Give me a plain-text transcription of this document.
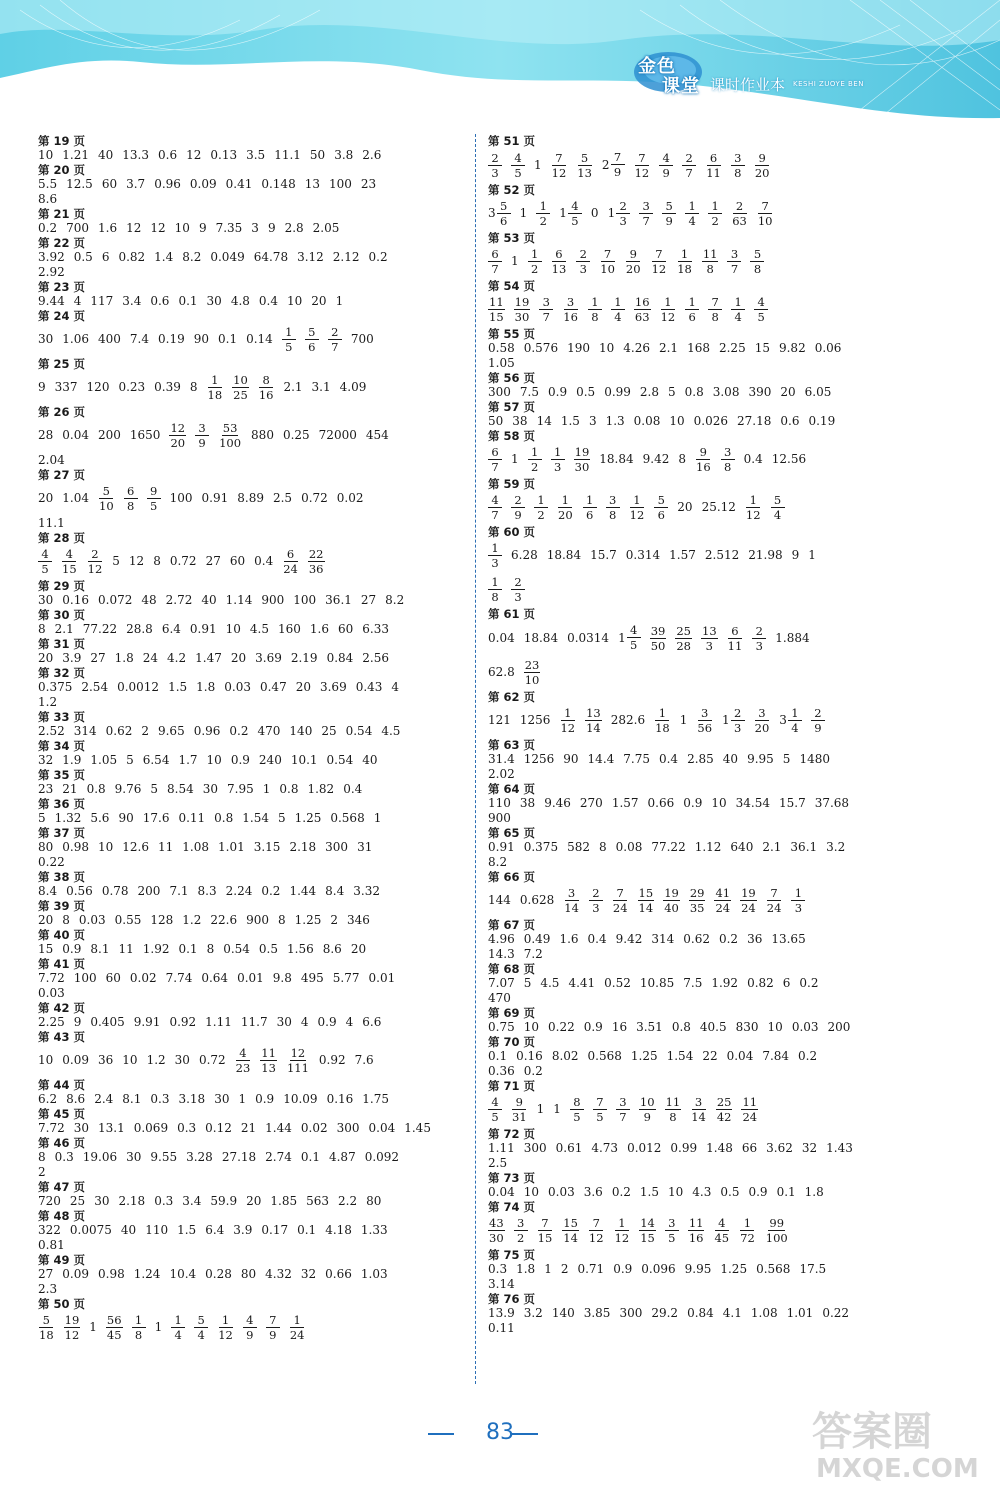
金色
课堂 课时作业本 KESHI ZUOYE BEN
第 19 页
10 1.21 40 13.3 0.6 12 0.13 3.5 11.1 50 3.8 2.6
第 20 页
5.5 12.5 60 3.7 0.96 0.09 0.41 0.148 13 100 23
8.6
第 21 页
0.2 700 1.6 12 12 10 9 7.35 3 9 2.8 2.05
第 22 页
3.92 0.5 6 0.82 1.4 8.2 0.049 64.78 3.12 2.12 0.2
2.92
第 23 页
9.44 4 117 3.4 0.6 0.1 30 4.8 0.4 10 20 1
第 24 页
30 1.06 400 7.4 0.19 90 0.1 $0.14 \frac{1}{5} \frac{5}{6} \frac{2}{7} 700$
第 25 页
9 337 120 0.23 0.39 $8 \frac{1}{18} \frac{10}{25} \frac{8}{16} 2.1$ 3.1 4.09
第 26 页
28 0.04 200 $1650 \frac{12}{20} \frac{3}{9} \frac{53}{100} 880$ 0.25 72000 454
2.04
第 27 页
20 $1.04 \frac{5}{10} \frac{6}{8} \frac{9}{5} 100$ 0.91 8.89 2.5 0.72 0.02
11.1
第 28 页
$\frac{4}{5} \frac{4}{15} \frac{2}{12} 5$ 12 8 0.72 27 60 $0.4 \frac{6}{24} \frac{22}{36}$
第 29 页
30 0.16 0.072 48 2.72 40 1.14 900 100 36.1 27 8.2
第 30 页
8 2.1 77.22 28.8 6.4 0.91 10 4.5 160 1.6 60 6.33
第 31 页
20 3.9 27 1.8 24 4.2 1.47 20 3.69 2.19 0.84 2.56
第 32 页
0.375 2.54 0.0012 1.5 1.8 0.03 0.47 20 3.69 0.43 4
1.2
第 33 页
2.52 314 0.62 2 9.65 0.96 0.2 470 140 25 0.54 4.5
第 34 页
32 1.9 1.05 5 6.54 1.7 10 0.9 240 10.1 0.54 40
第 35 页
23 21 0.8 9.76 5 8.54 30 7.95 1 0.8 1.82 0.4
第 36 页
5 1.32 5.6 90 17.6 0.11 0.8 1.54 5 1.25 0.568 1
第 37 页
80 0.98 10 12.6 11 1.08 1.01 3.15 2.18 300 31
0.22
第 38 页
8.4 0.56 0.78 200 7.1 8.3 2.24 0.2 1.44 8.4 3.32
第 39 页
20 8 0.03 0.55 128 1.2 22.6 900 8 1.25 2 346
第 40 页
15 0.9 8.1 11 1.92 0.1 8 0.54 0.5 1.56 8.6 20
第 41 页
7.72 100 60 0.02 7.74 0.64 0.01 9.8 495 5.77 0.01
0.03
第 42 页
2.25 9 0.405 9.91 0.92 1.11 11.7 30 4 0.9 4 6.6
第 43 页
10 0.09 36 10 1.2 30 $0.72 \frac{4}{23} \frac{11}{13} \frac{12}{111} 0.92$ 7.6
第 44 页
6.2 8.6 2.4 8.1 0.3 3.18 30 1 0.9 10.09 0.16 1.75
第 45 页
7.72 30 13.1 0.069 0.3 0.12 21 1.44 0.02 300 0.04 1.45
第 46 页
8 0.3 19.06 30 9.55 3.28 27.18 2.74 0.1 4.87 0.092
2
第 47 页
720 25 30 2.18 0.3 3.4 59.9 20 1.85 563 2.2 80
第 48 页
322 0.0075 40 110 1.5 6.4 3.9 0.17 0.1 4.18 1.33
0.81
第 49 页
27 0.09 0.98 1.24 10.4 0.28 80 4.32 32 0.66 1.03
2.3
第 50 页
$\frac{5}{18} \frac{19}{12} 1 \frac{56}{45} \frac{1}{8} 1 \frac{1}{4} \frac{5}{4} \frac{1}{12} \frac{4}{9} \frac{7}{9} \frac{1}{24}$
第 51 页
$\frac{2}{3} \frac{4}{5} 1 \frac{7}{12} \frac{5}{13} 2 \frac{7}{9} \frac{7}{12} \frac{4}{9} \frac{2}{7} \frac{6}{11} \frac{3}{8} \frac{9}{20}$
第 52 页
$3 \frac{5}{6} 1 \frac{1}{2} 1 \frac{4}{5} 0$ $1 \frac{2}{3} \frac{3}{7} \frac{5}{9} \frac{1}{4} \frac{1}{2} \frac{2}{63} \frac{7}{10}$
第 53 页
$\frac{6}{7} 1 \frac{1}{2} \frac{6}{13} \frac{2}{3} \frac{7}{10} \frac{9}{20} \frac{7}{12} \frac{1}{18} \frac{11}{8} \frac{3}{7} \frac{5}{8}$
第 54 页
$\frac{11}{15} \frac{19}{30} \frac{3}{7} \frac{3}{16} \frac{1}{8} \frac{1}{4} \frac{16}{63} \frac{1}{12} \frac{1}{6} \frac{7}{8} \frac{1}{4} \frac{4}{5}$
第 55 页
0.58 0.576 190 10 4.26 2.1 168 2.25 15 9.82 0.06
1.05
第 56 页
300 7.5 0.9 0.5 0.99 2.8 5 0.8 3.08 390 20 6.05
第 57 页
50 38 14 1.5 3 1.3 0.08 10 0.026 27.18 0.6 0.19
第 58 页
$\frac{6}{7} 1 \frac{1}{2} \frac{1}{3} \frac{19}{30} 18.84$ 9.42 $8 \frac{9}{16} \frac{3}{8} 0.4$ 12.56
第 59 页
$\frac{4}{7} \frac{2}{9} \frac{1}{2} \frac{1}{20} \frac{1}{6} \frac{3}{8} \frac{1}{12} \frac{5}{6} 20$ $25.12 \frac{1}{12} \frac{5}{4}$
第 60 页
$\frac{1}{3} 6.28$ 18.84 15.7 0.314 1.57 2.512 21.98 9 1
$\frac{1}{8} \frac{2}{3}$
第 61 页
0.04 18.84 0.0314 $1 \frac{4}{5} \frac{39}{50} \frac{25}{28} \frac{13}{3} \frac{6}{11} \frac{2}{3} 1.884$
$62.8 \frac{23}{10}$
第 62 页
121 $1256 \frac{1}{12} \frac{13}{14} 282.6 \frac{1}{18} 1 \frac{3}{56} 1 \frac{2}{3} \frac{3}{20} 3 \frac{1}{4} \frac{2}{9}$
第 63 页
31.4 1256 90 14.4 7.75 0.4 2.85 40 9.95 5 1480
2.02
第 64 页
110 38 9.46 270 1.57 0.66 0.9 10 34.54 15.7 37.68
900
第 65 页
0.91 0.375 582 8 0.08 77.22 1.12 640 2.1 36.1 3.2
8.2
第 66 页
144 $0.628 \frac{3}{14} \frac{2}{3} \frac{7}{24} \frac{15}{14} \frac{19}{40} \frac{29}{35} \frac{41}{24} \frac{19}{24} \frac{7}{24} \frac{1}{3}$
第 67 页
4.96 0.49 1.6 0.4 9.42 314 0.62 0.2 36 13.65
14.3 7.2
第 68 页
7.07 5 4.5 4.41 0.52 10.85 7.5 1.92 0.82 6 0.2
470
第 69 页
0.75 10 0.22 0.9 16 3.51 0.8 40.5 830 10 0.03 200
第 70 页
0.1 0.16 8.02 0.568 1.25 1.54 22 0.04 7.84 0.2
0.36 0.2
第 71 页
$\frac{4}{5} \frac{9}{31} 1$ $1 \frac{8}{5} \frac{7}{5} \frac{3}{7} \frac{10}{9} \frac{11}{8} \frac{3}{14} \frac{25}{42} \frac{11}{24}$
第 72 页
1.11 300 0.61 4.73 0.012 0.99 1.48 66 3.62 32 1.43
2.5
第 73 页
0.04 10 0.03 3.6 0.2 1.5 10 4.3 0.5 0.9 0.1 1.8
第 74 页
$\frac{43}{30} \frac{3}{2} \frac{7}{15} \frac{15}{14} \frac{7}{12} \frac{1}{12} \frac{14}{15} \frac{3}{5} \frac{11}{16} \frac{4}{45} \frac{1}{72} \frac{99}{100}$
第 75 页
0.3 1.8 1 2 0.71 0.9 0.096 9.95 1.25 0.568 17.5
3.14
第 76 页
13.9 3.2 140 3.85 300 29.2 0.84 4.1 1.08 1.01 0.22
0.11
83	答案圈
MXQE.COM
